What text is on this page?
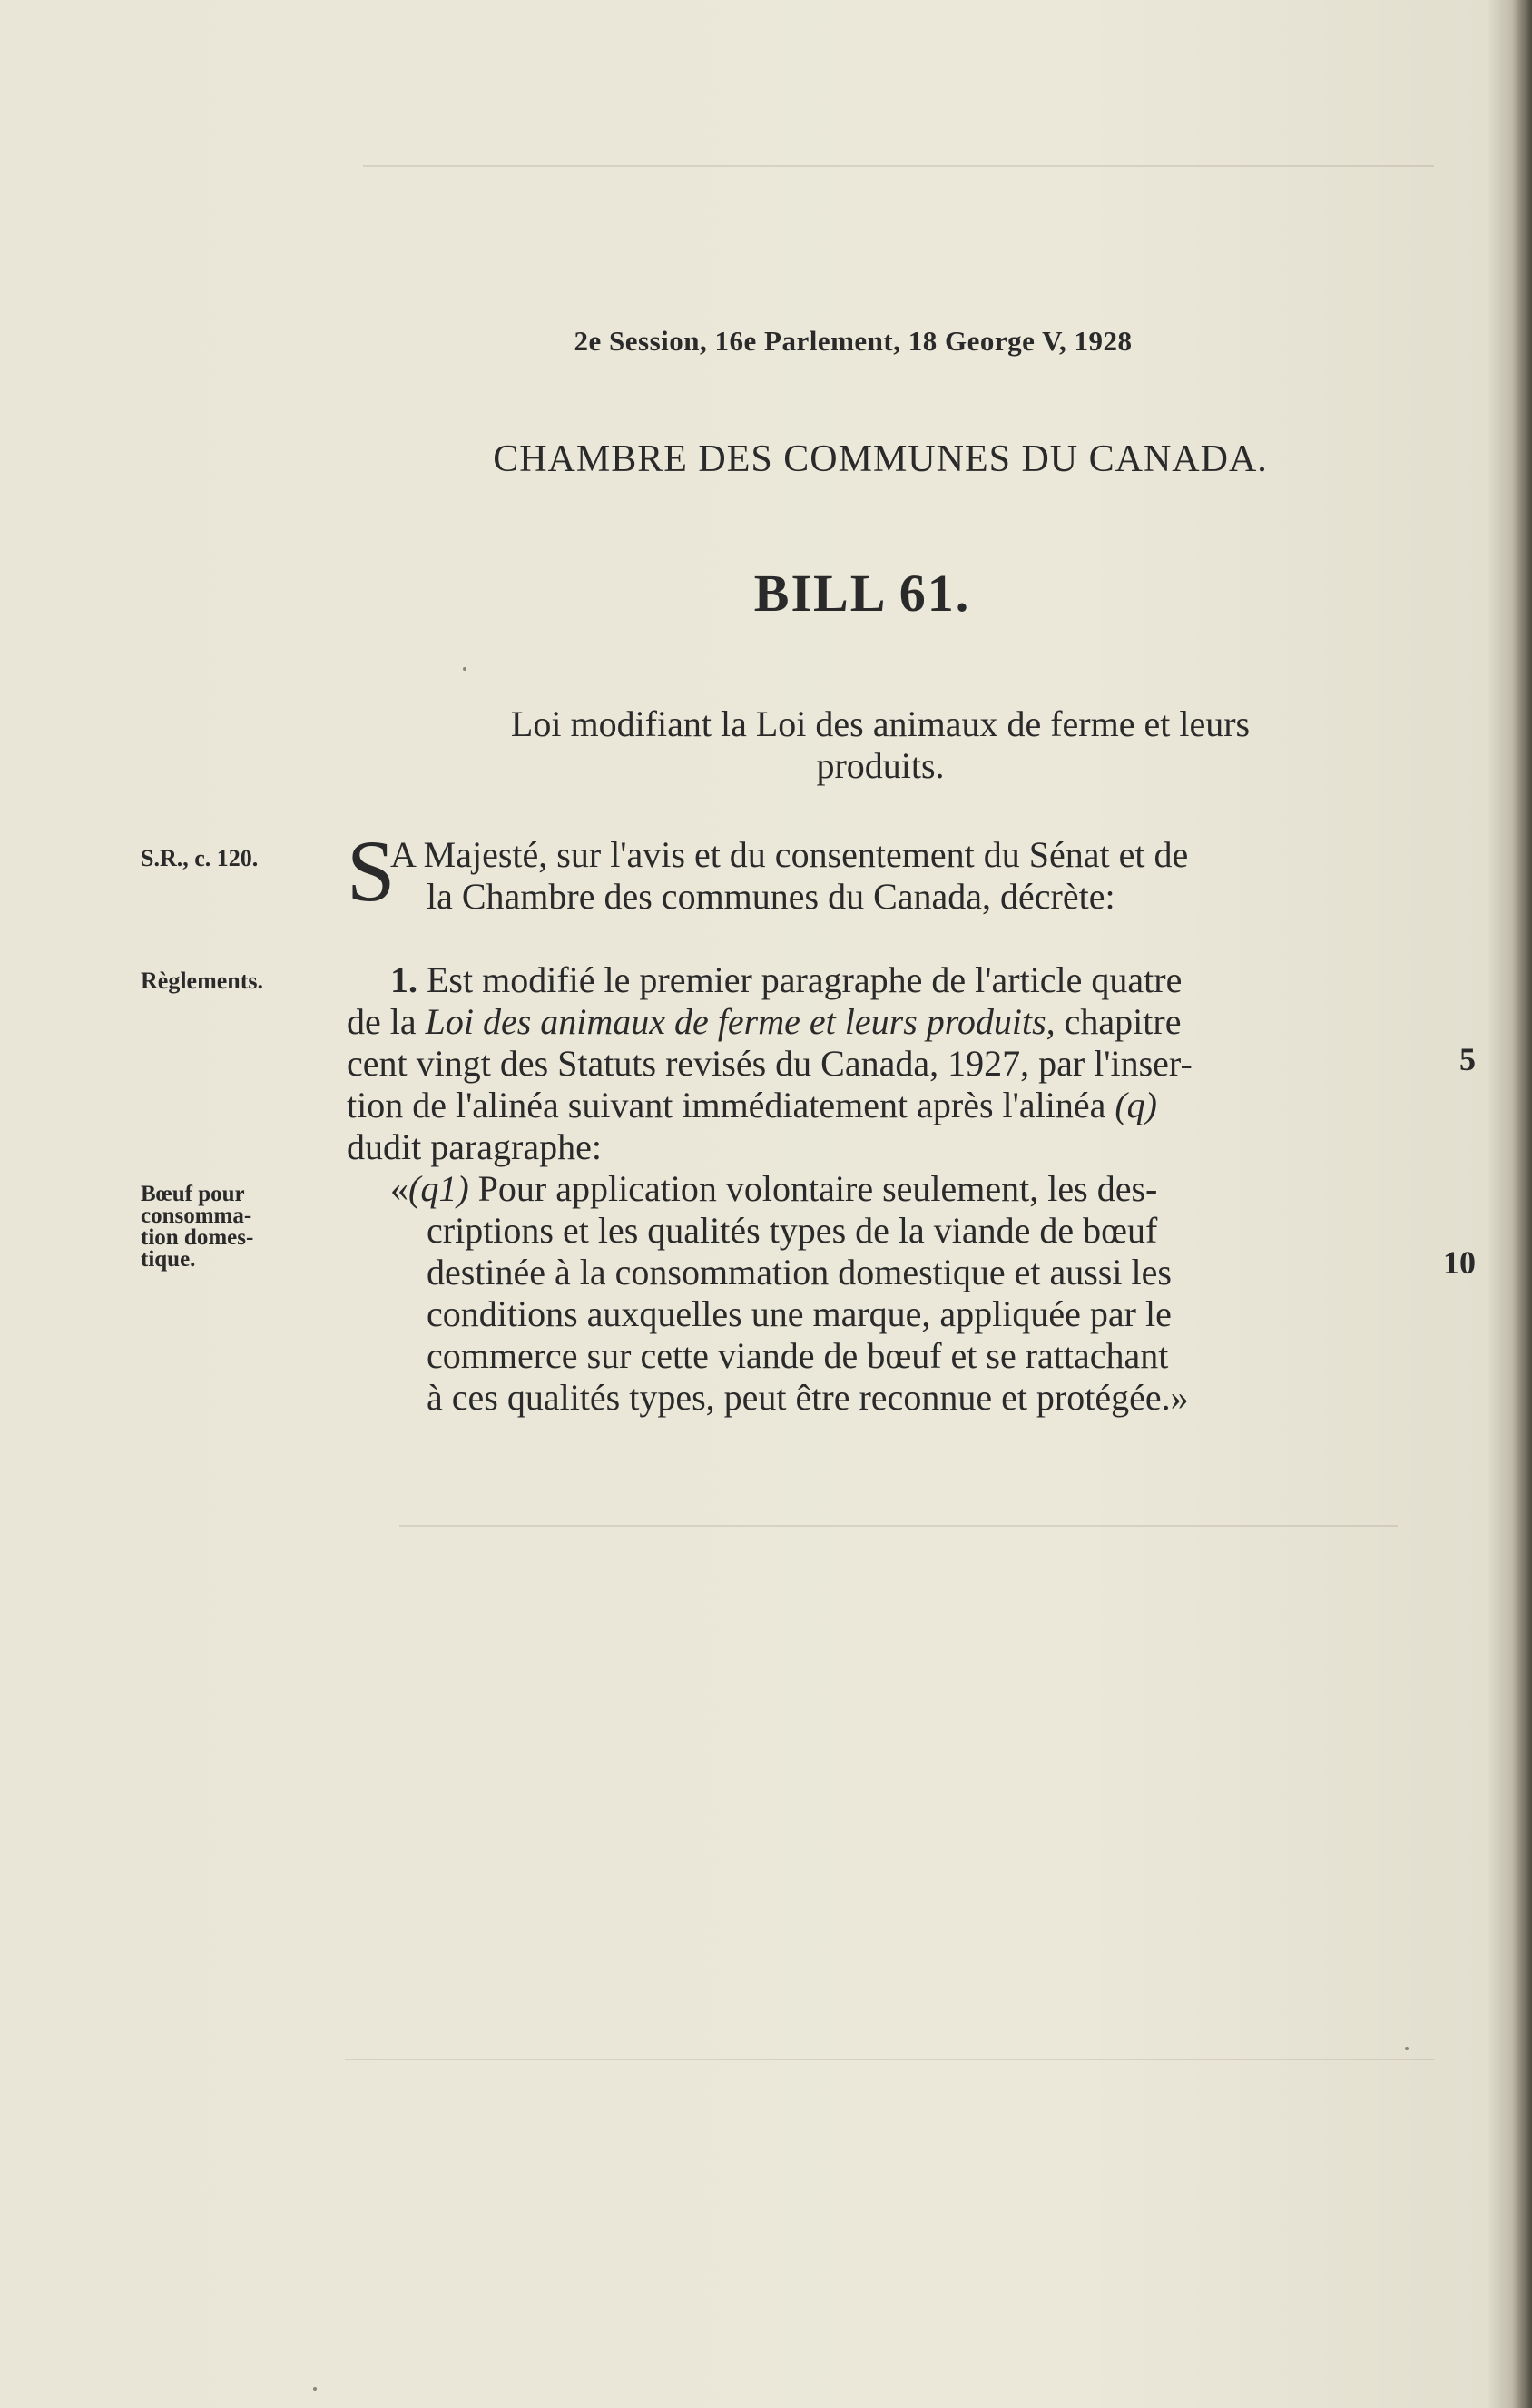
2e Session, 16e Parlement, 18 George V, 1928
CHAMBRE DES COMMUNES DU CANADA.
BILL 61.
Loi modifiant la Loi des animaux de ferme et leurs
produits.
S.R., c. 120.
Règlements.
Bœuf pour
consomma-
tion domes-
tique.
S
A Majesté, sur l'avis et du consentement du Sénat et de
la Chambre des communes du Canada, décrète:
1. Est modifié le premier paragraphe de l'article quatre
de la Loi des animaux de ferme et leurs produits, chapitre
cent vingt des Statuts revisés du Canada, 1927, par l'inser-
tion de l'alinéa suivant immédiatement après l'alinéa (q)
dudit paragraphe:
«(q1) Pour application volontaire seulement, les des-
criptions et les qualités types de la viande de bœuf
destinée à la consommation domestique et aussi les
conditions auxquelles une marque, appliquée par le
commerce sur cette viande de bœuf et se rattachant
à ces qualités types, peut être reconnue et protégée.»
5
10
